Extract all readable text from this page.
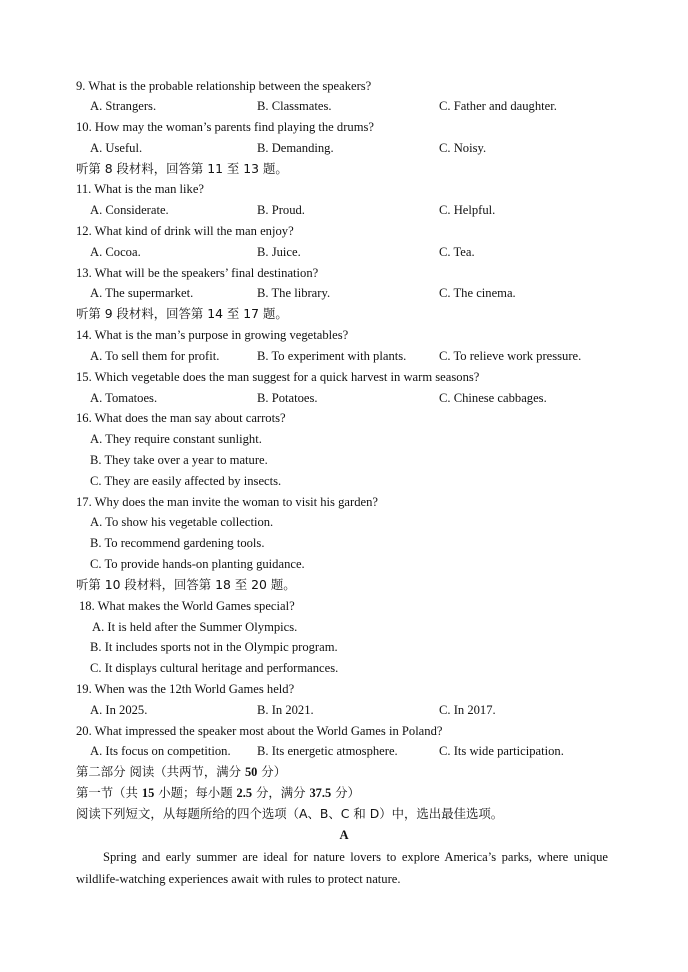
9. What is the probable relationship between the speakers?
A. Strangers.	B. Classmates.	C. Father and daughter.
10. How may the woman’s parents find playing the drums?
A. Useful.	B. Demanding.	C. Noisy.
听第 8 段材料，回答第 11 至 13 题。
11. What is the man like?
A. Considerate.	B. Proud.	C. Helpful.
12. What kind of drink will the man enjoy?
A. Cocoa.	B. Juice.	C. Tea.
13. What will be the speakers’ final destination?
A. The supermarket.	B. The library.	C. The cinema.
听第 9 段材料，回答第 14 至 17 题。
14. What is the man’s purpose in growing vegetables?
A. To sell them for profit.	B. To experiment with plants.	C. To relieve work pressure.
15. Which vegetable does the man suggest for a quick harvest in warm seasons?
A. Tomatoes.	B. Potatoes.	C. Chinese cabbages.
16. What does the man say about carrots?
A. They require constant sunlight.
B. They take over a year to mature.
C. They are easily affected by insects.
17. Why does the man invite the woman to visit his garden?
A. To show his vegetable collection.
B. To recommend gardening tools.
C. To provide hands-on planting guidance.
听第 10 段材料，回答第 18 至 20 题。
18. What makes the World Games special?
A. It is held after the Summer Olympics.
B. It includes sports not in the Olympic program.
C. It displays cultural heritage and performances.
19. When was the 12th World Games held?
A. In 2025.	B. In 2021.	C. In 2017.
20. What impressed the speaker most about the World Games in Poland?
A. Its focus on competition. B. Its energetic atmosphere.	C. Its wide participation.
第二部分 阅读（共两节，满分 50 分）
第一节（共 15 小题；每小题 2.5 分，满分 37.5 分）
阅读下列短文，从每题所给的四个选项（A、B、C 和 D）中，选出最佳选项。
A
Spring and early summer are ideal for nature lovers to explore America’s parks, where unique wildlife-watching experiences await with rules to protect nature.
